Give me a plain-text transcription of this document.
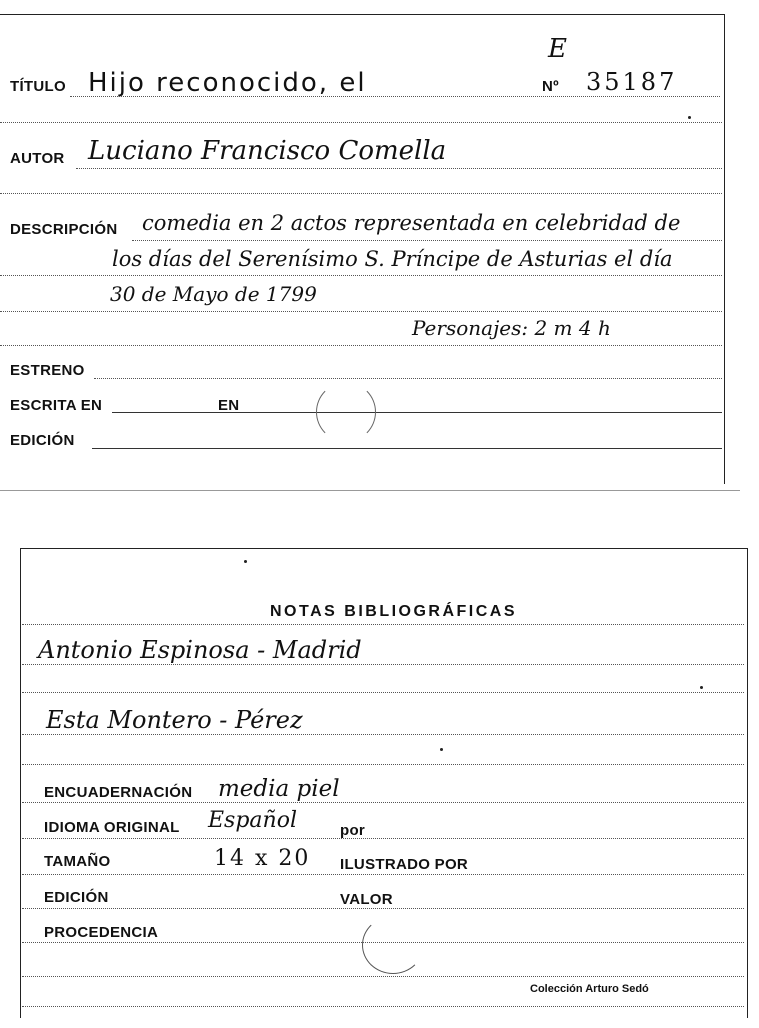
E
TÍTULO Hijo reconocido, el	Nº 35187
AUTOR Luciano Francisco Comella
DESCRIPCIÓN comedia en 2 actos representada en celebridad de
los días del Serenísimo S. Príncipe de Asturias el día
30 de Mayo de 1799
Personajes: 2 m 4 h
ESTRENO
ESCRITA EN	EN
EDICIÓN
NOTAS BIBLIOGRÁFICAS
Antonio Espinosa - Madrid
Esta Montero - Pérez
ENCUADERNACIÓN media piel
IDIOMA ORIGINAL Español	por
TAMAÑO	14 x 20 ILUSTRADO POR
EDICIÓN	VALOR
PROCEDENCIA
Colección Arturo Sedó
